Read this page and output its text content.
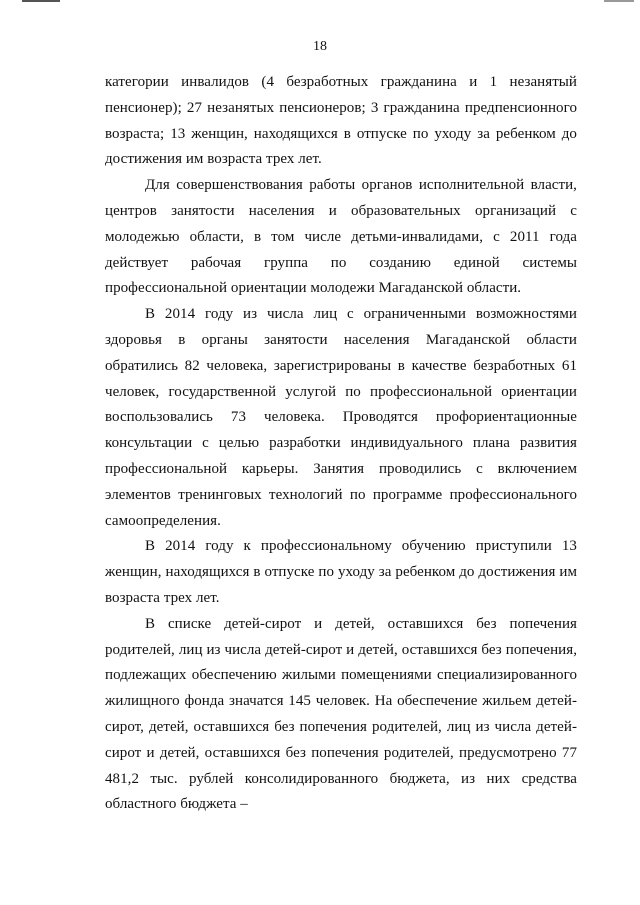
18

категории инвалидов (4 безработных гражданина и 1 незанятый пенсионер); 27 незанятых пенсионеров; 3 гражданина предпенсионного возраста; 13 женщин, находящихся в отпуске по уходу за ребенком до достижения им возраста трех лет.

Для совершенствования работы органов исполнительной власти, центров занятости населения и образовательных организаций с молодежью области, в том числе детьми-инвалидами, с 2011 года действует рабочая группа по созданию единой системы профессиональной ориентации молодежи Магаданской области.

В 2014 году из числа лиц с ограниченными возможностями здоровья в органы занятости населения Магаданской области обратились 82 человека, зарегистрированы в качестве безработных 61 человек, государственной услугой по профессиональной ориентации воспользовались 73 человека. Проводятся профориентационные консультации с целью разработки индивидуального плана развития профессиональной карьеры. Занятия проводились с включением элементов тренинговых технологий по программе профессионального самоопределения.

В 2014 году к профессиональному обучению приступили 13 женщин, находящихся в отпуске по уходу за ребенком до достижения им возраста трех лет.

В списке детей-сирот и детей, оставшихся без попечения родителей, лиц из числа детей-сирот и детей, оставшихся без попечения, подлежащих обеспечению жилыми помещениями специализированного жилищного фонда значатся 145 человек. На обеспечение жильем детей-сирот, детей, оставшихся без попечения родителей, лиц из числа детей-сирот и детей, оставшихся без попечения родителей, предусмотрено 77 481,2 тыс. рублей консолидированного бюджета, из них средства областного бюджета –
